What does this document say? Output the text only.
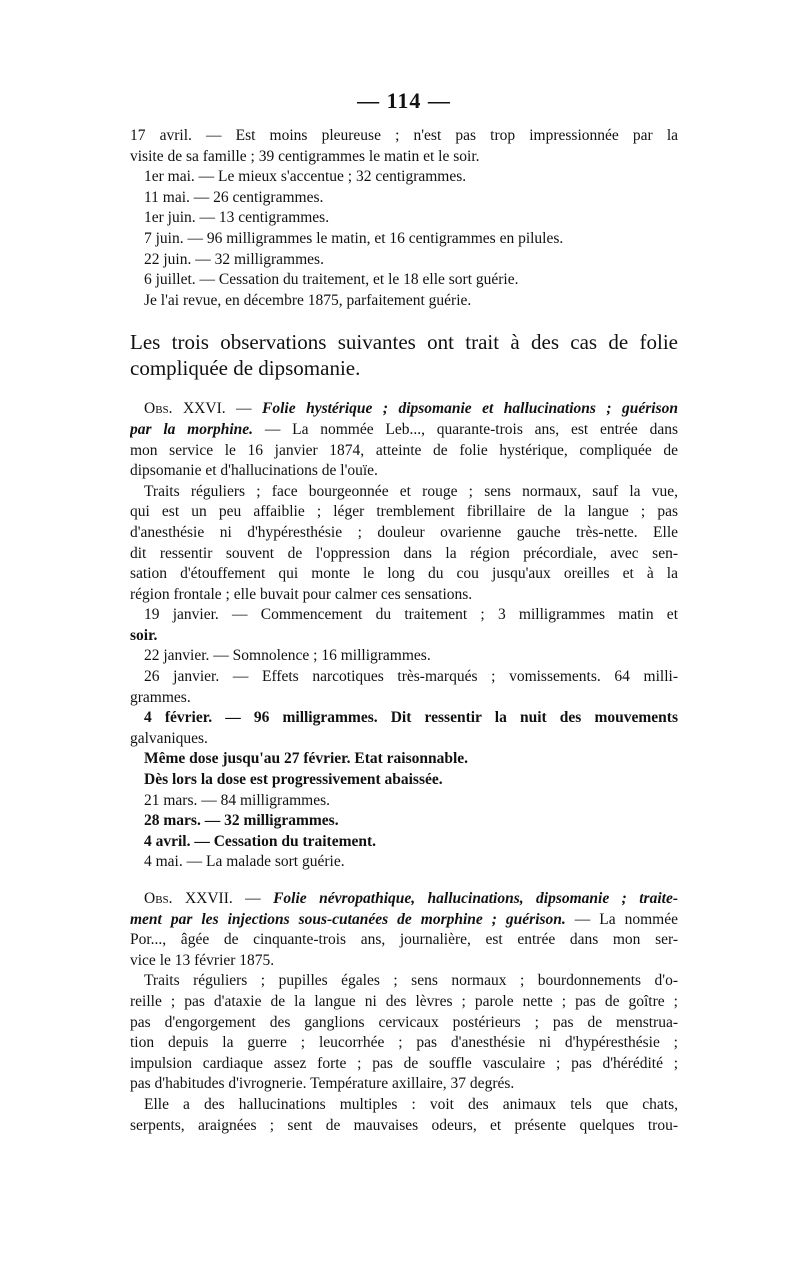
— 114 —
17 avril. — Est moins pleureuse ; n'est pas trop impressionnée par la
visite de sa famille ; 39 centigrammes le matin et le soir.
1er mai. — Le mieux s'accentue ; 32 centigrammes.
11 mai. — 26 centigrammes.
1er juin. — 13 centigrammes.
7 juin. — 96 milligrammes le matin, et 16 centigrammes en pilules.
22 juin. — 32 milligrammes.
6 juillet. — Cessation du traitement, et le 18 elle sort guérie.
Je l'ai revue, en décembre 1875, parfaitement guérie.
Les trois observations suivantes ont trait à des cas de folie
compliquée de dipsomanie.
Obs. XXVI. — Folie hystérique ; dipsomanie et hallucinations ; guérison
par la morphine. — La nommée Leb..., quarante-trois ans, est entrée dans
mon service le 16 janvier 1874, atteinte de folie hystérique, compliquée de
dipsomanie et d'hallucinations de l'ouïe.
Traits réguliers ; face bourgeonnée et rouge ; sens normaux, sauf la vue,
qui est un peu affaiblie ; léger tremblement fibrillaire de la langue ; pas
d'anesthésie ni d'hypéresthésie ; douleur ovarienne gauche très-nette. Elle
dit ressentir souvent de l'oppression dans la région précordiale, avec sen-
sation d'étouffement qui monte le long du cou jusqu'aux oreilles et à la
région frontale ; elle buvait pour calmer ces sensations.
19 janvier. — Commencement du traitement ; 3 milligrammes matin et
soir.
22 janvier. — Somnolence ; 16 milligrammes.
26 janvier. — Effets narcotiques très-marqués ; vomissements. 64 milli-
grammes.
4 février. — 96 milligrammes. Dit ressentir la nuit des mouvements
galvaniques.
Même dose jusqu'au 27 février. Etat raisonnable.
Dès lors la dose est progressivement abaissée.
21 mars. — 84 milligrammes.
28 mars. — 32 milligrammes.
4 avril. — Cessation du traitement.
4 mai. — La malade sort guérie.
Obs. XXVII. — Folie névropathique, hallucinations, dipsomanie ; traite-
ment par les injections sous-cutanées de morphine ; guérison. — La nommée
Por..., âgée de cinquante-trois ans, journalière, est entrée dans mon ser-
vice le 13 février 1875.
Traits réguliers ; pupilles égales ; sens normaux ; bourdonnements d'o-
reille ; pas d'ataxie de la langue ni des lèvres ; parole nette ; pas de goître ;
pas d'engorgement des ganglions cervicaux postérieurs ; pas de menstrua-
tion depuis la guerre ; leucorrhée ; pas d'anesthésie ni d'hypéresthésie ;
impulsion cardiaque assez forte ; pas de souffle vasculaire ; pas d'hérédité ;
pas d'habitudes d'ivrognerie. Température axillaire, 37 degrés.
Elle a des hallucinations multiples : voit des animaux tels que chats,
serpents, araignées ; sent de mauvaises odeurs, et présente quelques trou-
